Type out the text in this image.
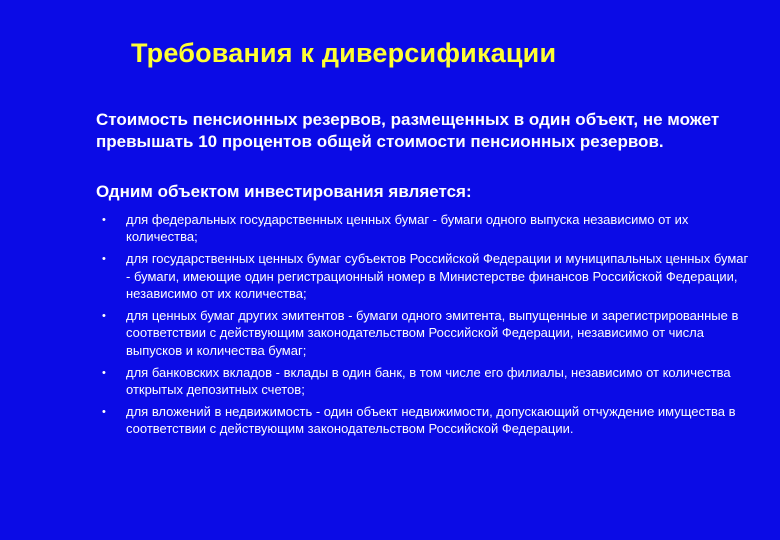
Требования к диверсификации
Стоимость пенсионных резервов, размещенных в один объект, не может превышать 10 процентов общей стоимости пенсионных резервов.
Одним объектом инвестирования является:
• для федеральных государственных ценных бумаг - бумаги одного выпуска независимо от их количества;
• для государственных ценных бумаг субъектов Российской Федерации и муниципальных ценных бумаг - бумаги, имеющие один регистрационный номер в Министерстве финансов Российской Федерации, независимо от их количества;
• для ценных бумаг других эмитентов - бумаги одного эмитента, выпущенные и зарегистрированные в соответствии с действующим законодательством Российской Федерации, независимо от числа выпусков и количества бумаг;
• для банковских вкладов - вклады в один банк, в том числе его филиалы, независимо от количества открытых депозитных счетов;
• для вложений в недвижимость - один объект недвижимости, допускающий отчуждение имущества в соответствии с действующим законодательством Российской Федерации.
